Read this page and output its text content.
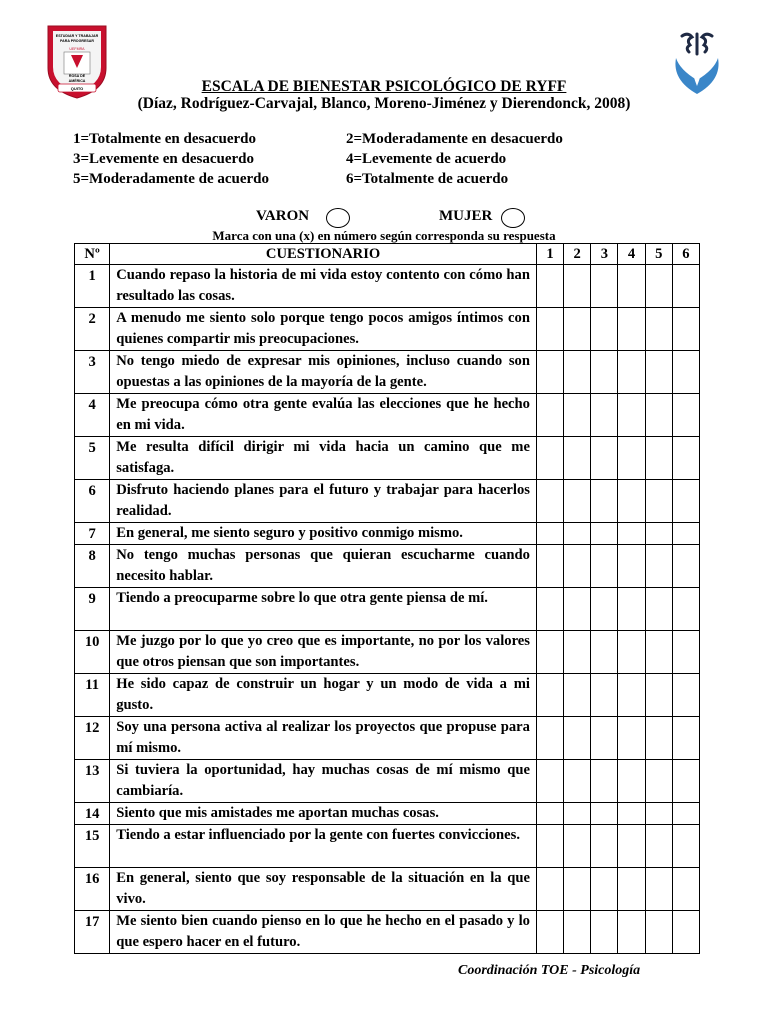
ESTUDIAR Y TRABAJAR
PARA PROGRESAR
UEFMRA
ROSA DE
AMÉRICA
QUITO	ESCALA DE BIENESTAR PSICOLÓGICO DE RYFF
(Díaz, Rodríguez-Carvajal, Blanco, Moreno-Jiménez y Dierendonck, 2008)
1=Totalmente en desacuerdo	2=Moderadamente en desacuerdo
3=Levemente en desacuerdo	4=Levemente de acuerdo
5=Moderadamente de acuerdo	6=Totalmente de acuerdo
VARON	MUJER
Marca con una (x) en número según corresponda su respuesta
Nº	CUESTIONARIO	1	2	3	4	5	6
1	Cuando repaso la historia de mi vida estoy contento con cómo han resultado las cosas.						
2	A menudo me siento solo porque tengo pocos amigos íntimos con quienes compartir mis preocupaciones.						
3	No tengo miedo de expresar mis opiniones, incluso cuando son opuestas a las opiniones de la mayoría de la gente.						
4	Me preocupa cómo otra gente evalúa las elecciones que he hecho en mi vida.						
5	Me resulta difícil dirigir mi vida hacia un camino que me satisfaga.						
6	Disfruto haciendo planes para el futuro y trabajar para hacerlos realidad.						
7	En general, me siento seguro y positivo conmigo mismo.						
8	No tengo muchas personas que quieran escucharme cuando necesito hablar.						
9	Tiendo a preocuparme sobre lo que otra gente piensa de mí.						
10	Me juzgo por lo que yo creo que es importante, no por los valores que otros piensan que son importantes.						
11	He sido capaz de construir un hogar y un modo de vida a mi gusto.						
12	Soy una persona activa al realizar los proyectos que propuse para mí mismo.						
13	Si tuviera la oportunidad, hay muchas cosas de mí mismo que cambiaría.						
14	Siento que mis amistades me aportan muchas cosas.						
15	Tiendo a estar influenciado por la gente con fuertes convicciones.						
16	En general, siento que soy responsable de la situación en la que vivo.						
17	Me siento bien cuando pienso en lo que he hecho en el pasado y lo que espero hacer en el futuro.						
Coordinación TOE - Psicología
